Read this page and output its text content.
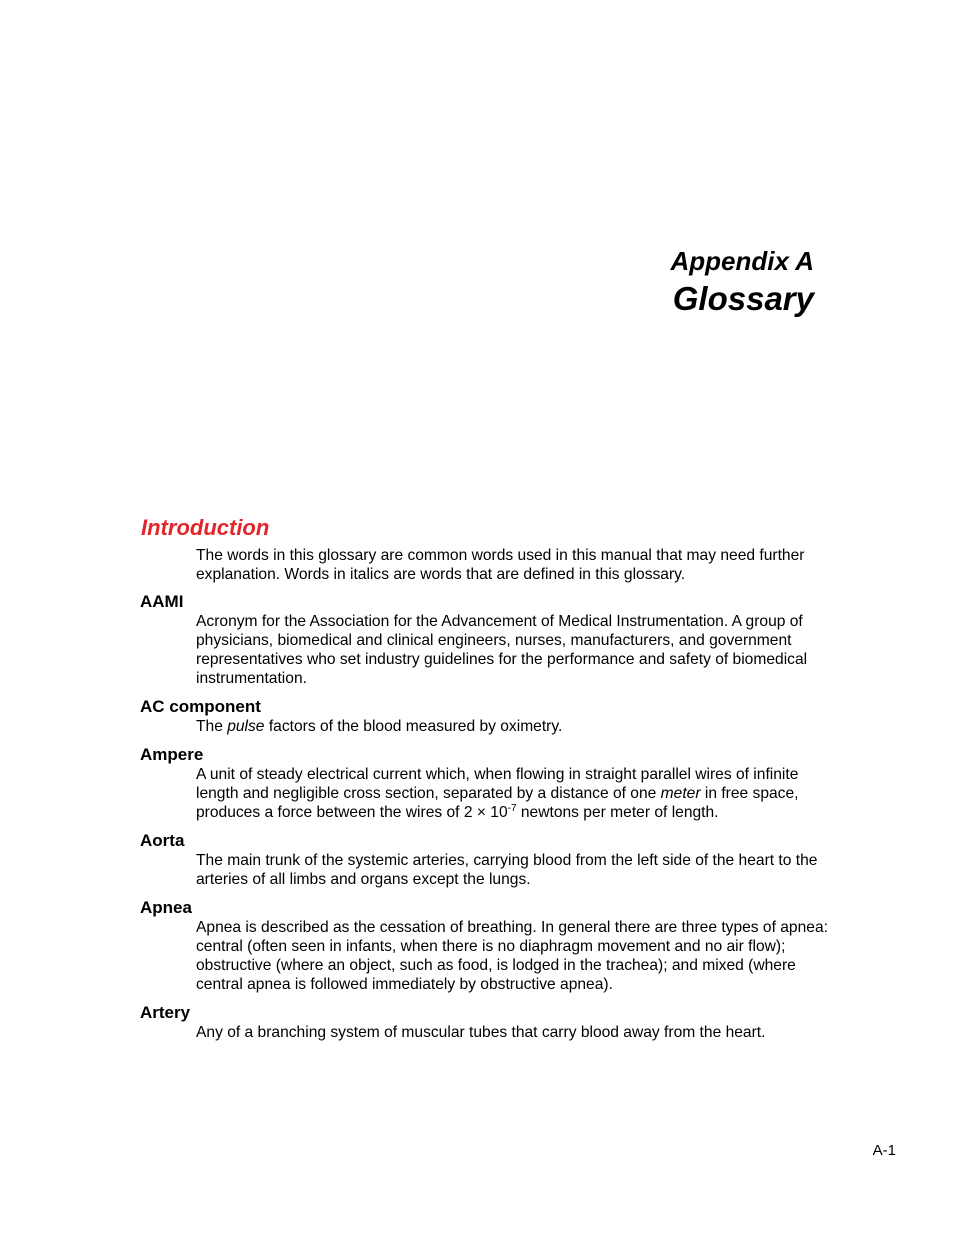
Appendix A
Glossary
Introduction
The words in this glossary are common words used in this manual that may need further explanation. Words in italics are words that are defined in this glossary.
AAMI
Acronym for the Association for the Advancement of Medical Instrumentation. A group of physicians, biomedical and clinical engineers, nurses, manufacturers, and government representatives who set industry guidelines for the performance and safety of biomedical instrumentation.
AC component
The pulse factors of the blood measured by oximetry.
Ampere
A unit of steady electrical current which, when flowing in straight parallel wires of infinite length and negligible cross section, separated by a distance of one meter in free space, produces a force between the wires of $2 \times 10^{-7}$ newtons per meter of length.
Aorta
The main trunk of the systemic arteries, carrying blood from the left side of the heart to the arteries of all limbs and organs except the lungs.
Apnea
Apnea is described as the cessation of breathing. In general there are three types of apnea: central (often seen in infants, when there is no diaphragm movement and no air flow); obstructive (where an object, such as food, is lodged in the trachea); and mixed (where central apnea is followed immediately by obstructive apnea).
Artery
Any of a branching system of muscular tubes that carry blood away from the heart.
A-1
